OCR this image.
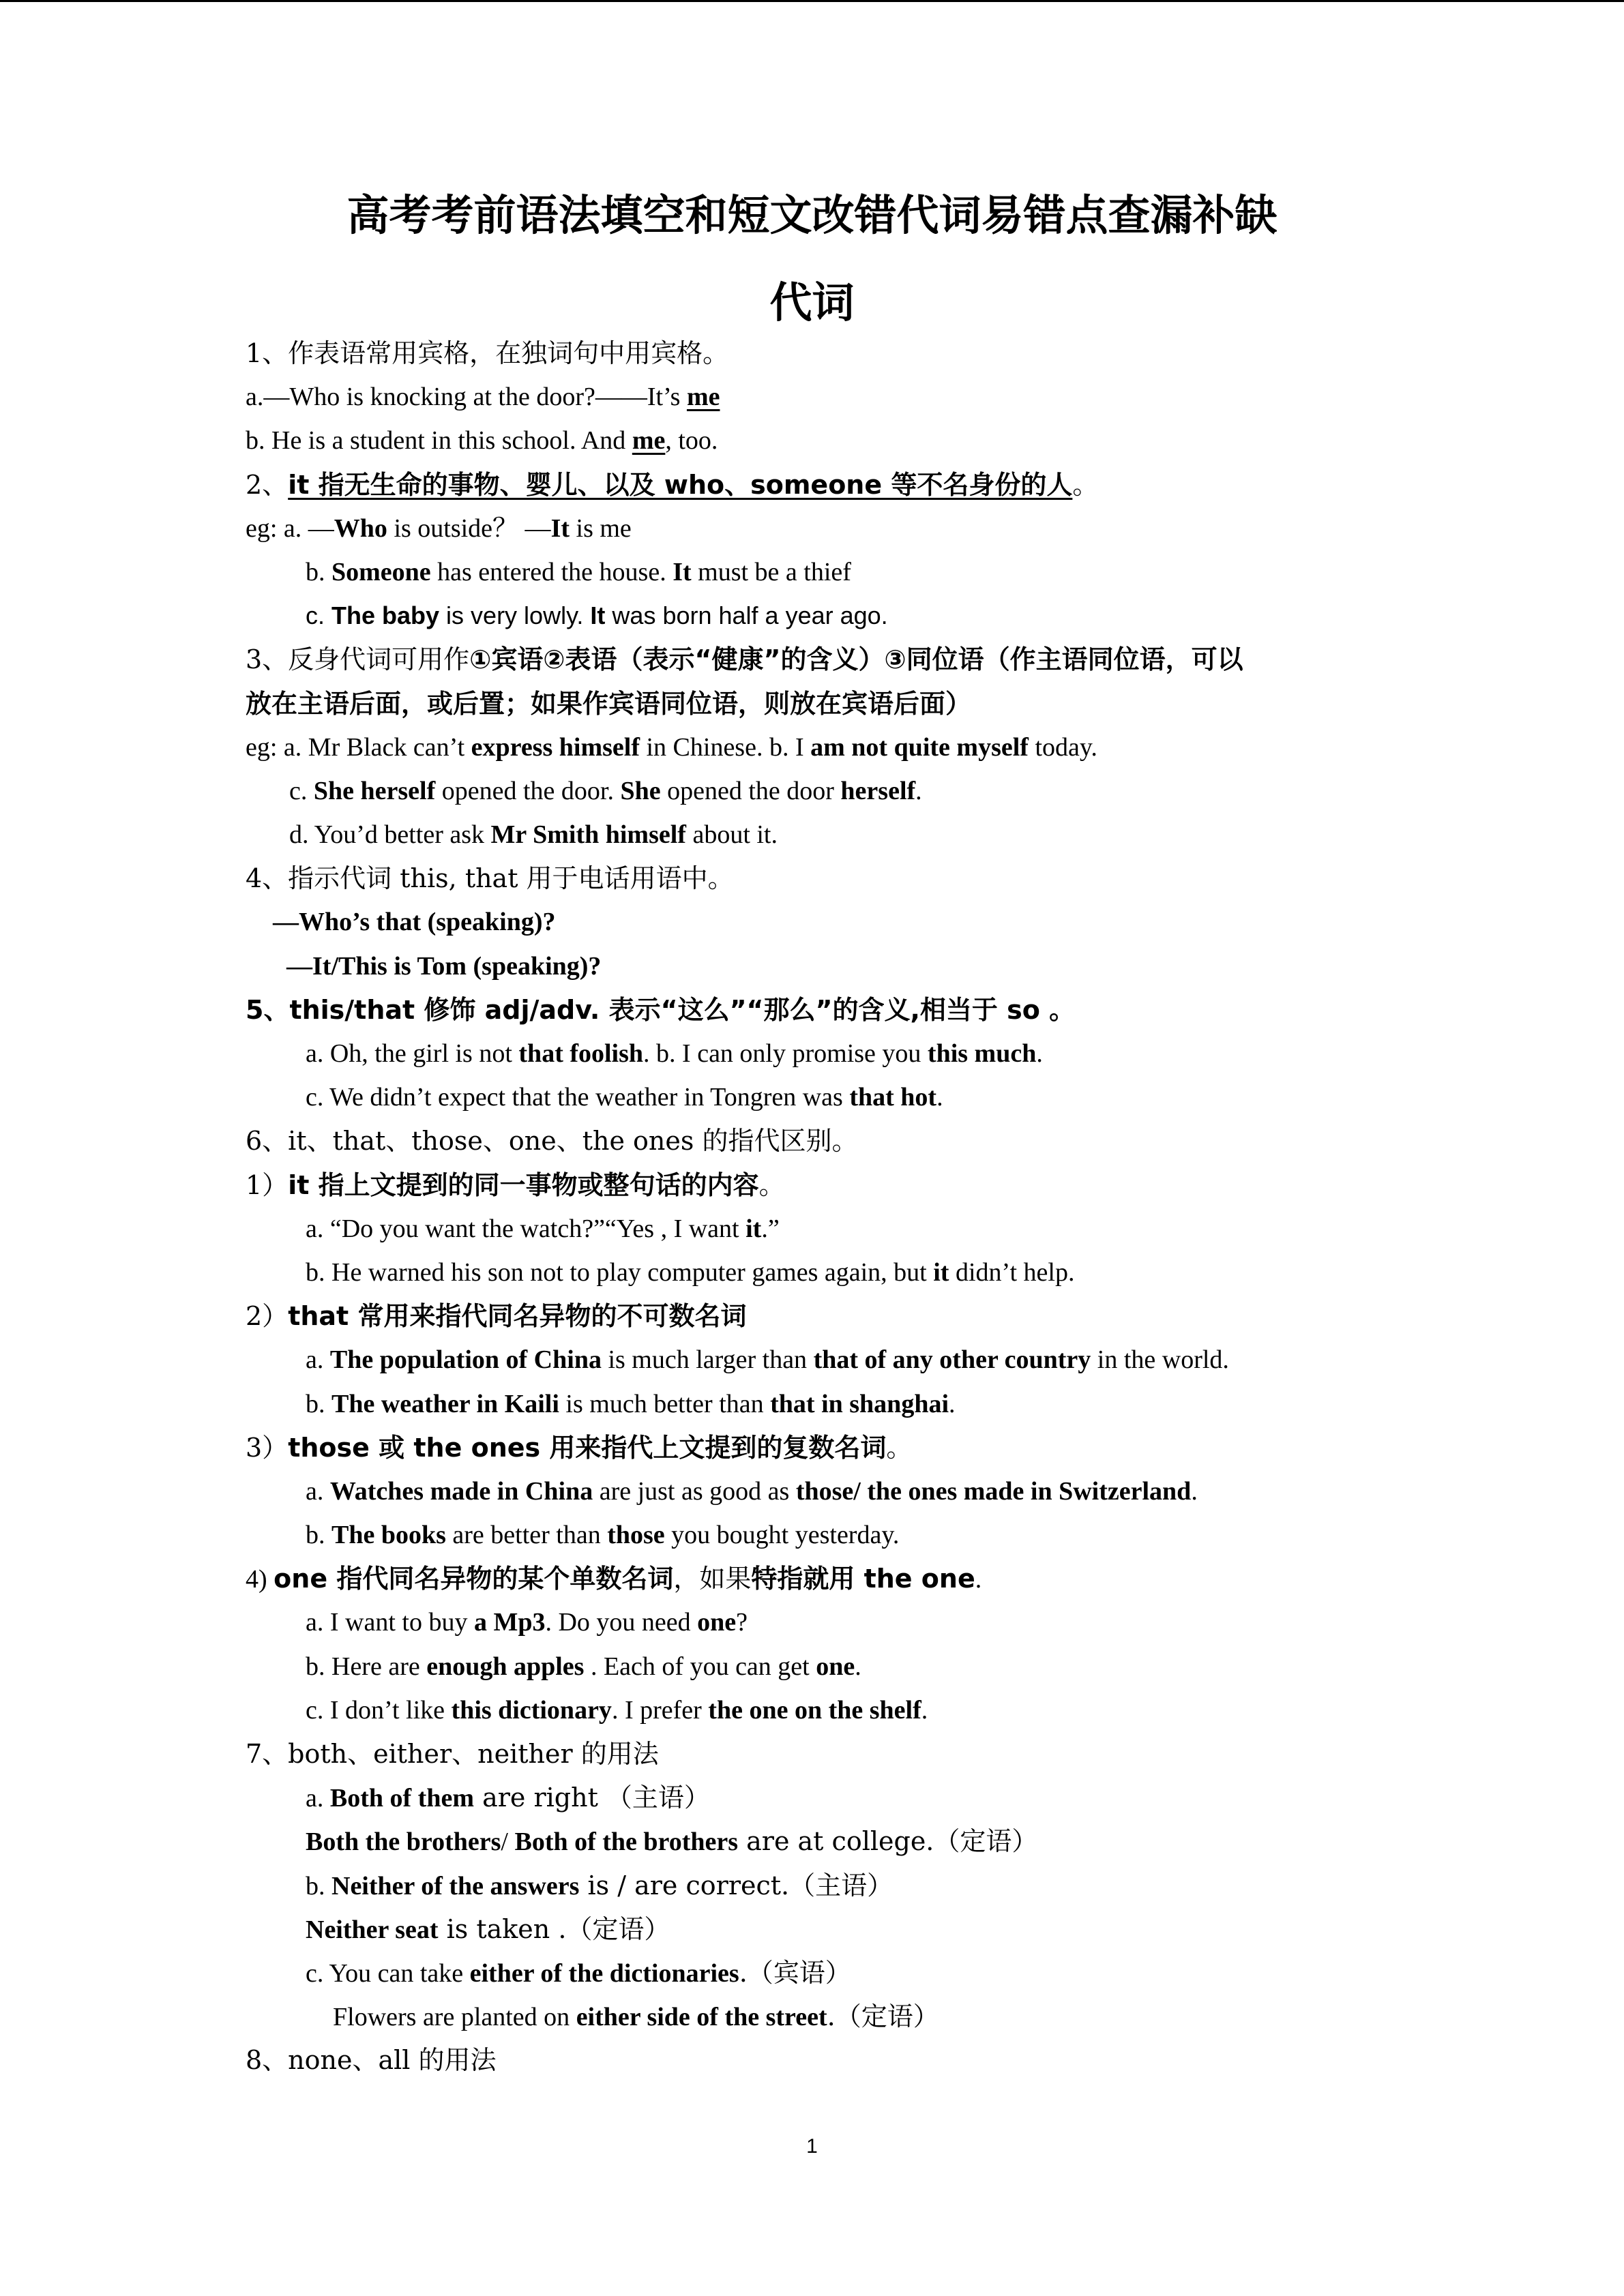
高考考前语法填空和短文改错代词易错点查漏补缺
代词
1、作表语常用宾格，在独词句中用宾格。
a.—Who is knocking at the door?——It’s me
b. He is a student in this school. And me, too.
2、it 指无生命的事物、婴儿、以及 who、someone 等不名身份的人。
eg: a. —Who is outside？ —It is me
b. Someone has entered the house. It must be a thief
c. The baby is very lowly. It was born half a year ago.
3、反身代词可用作①宾语②表语（表示“健康”的含义）③同位语（作主语同位语，可以
放在主语后面，或后置；如果作宾语同位语，则放在宾语后面）
eg: a. Mr Black can’t express himself in Chinese. b. I am not quite myself today.
c. She herself opened the door. She opened the door herself.
d. You’d better ask Mr Smith himself about it.
4、指示代词 this, that 用于电话用语中。
—Who’s that (speaking)?
—It/This is Tom (speaking)?
5、this/that 修饰 adj/adv. 表示“这么”“那么”的含义,相当于 so 。
a. Oh, the girl is not that foolish. b. I can only promise you this much.
c. We didn’t expect that the weather in Tongren was that hot.
6、it、that、those、one、the ones 的指代区别。
1）it 指上文提到的同一事物或整句话的内容。
a. “Do you want the watch?”“Yes , I want it.”
b. He warned his son not to play computer games again, but it didn’t help.
2）that 常用来指代同名异物的不可数名词
a. The population of China is much larger than that of any other country in the world.
b. The weather in Kaili is much better than that in shanghai.
3）those 或 the ones 用来指代上文提到的复数名词。
a. Watches made in China are just as good as those/ the ones made in Switzerland.
b. The books are better than those you bought yesterday.
4) one 指代同名异物的某个单数名词，如果特指就用 the one.
a. I want to buy a Mp3. Do you need one?
b. Here are enough apples . Each of you can get one.
c. I don’t like this dictionary. I prefer the one on the shelf.
7、both、either、neither 的用法
a. Both of them are right （主语）
Both the brothers/ Both of the brothers are at college.（定语）
b. Neither of the answers is / are correct.（主语）
Neither seat is taken .（定语）
c. You can take either of the dictionaries.（宾语）
Flowers are planted on either side of the street.（定语）
8、none、all 的用法
1
